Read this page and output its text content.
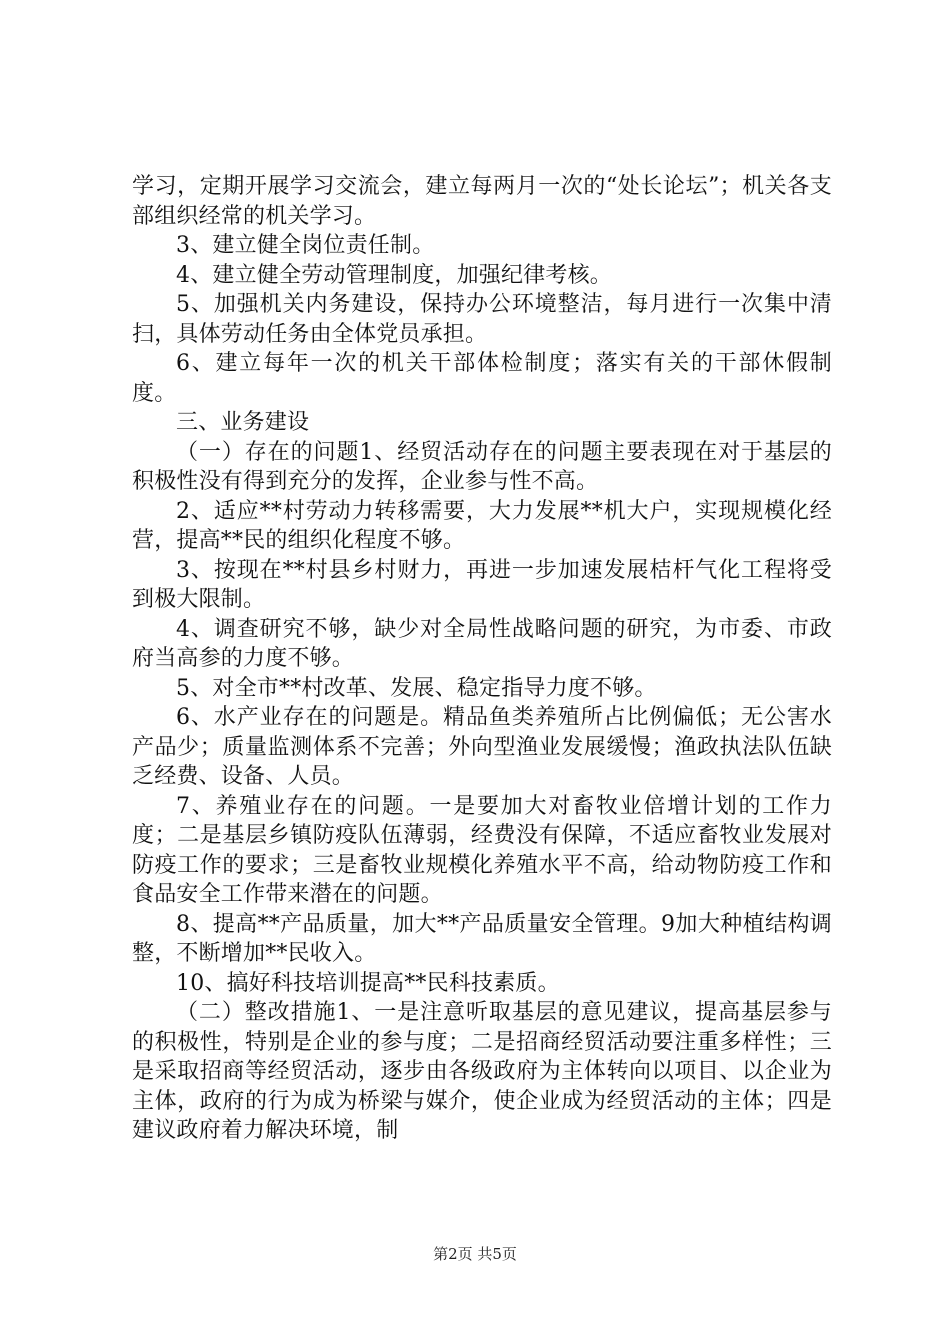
学习，定期开展学习交流会，建立每两月一次的“处长论坛”；机关各支部组织经常的机关学习。

3、建立健全岗位责任制。

4、建立健全劳动管理制度，加强纪律考核。

5、加强机关内务建设，保持办公环境整洁，每月进行一次集中清扫，具体劳动任务由全体党员承担。

6、建立每年一次的机关干部体检制度；落实有关的干部休假制度。

三、业务建设

（一）存在的问题1、经贸活动存在的问题主要表现在对于基层的积极性没有得到充分的发挥，企业参与性不高。

2、适应**村劳动力转移需要，大力发展**机大户，实现规模化经营，提高**民的组织化程度不够。

3、按现在**村县乡村财力，再进一步加速发展桔杆气化工程将受到极大限制。

4、调查研究不够，缺少对全局性战略问题的研究，为市委、市政府当高参的力度不够。

5、对全市**村改革、发展、稳定指导力度不够。

6、水产业存在的问题是。精品鱼类养殖所占比例偏低；无公害水产品少；质量监测体系不完善；外向型渔业发展缓慢；渔政执法队伍缺乏经费、设备、人员。

7、养殖业存在的问题。一是要加大对畜牧业倍增计划的工作力度；二是基层乡镇防疫队伍薄弱，经费没有保障，不适应畜牧业发展对防疫工作的要求；三是畜牧业规模化养殖水平不高，给动物防疫工作和食品安全工作带来潜在的问题。

8、提高**产品质量，加大**产品质量安全管理。9加大种植结构调整，不断增加**民收入。

10、搞好科技培训提高**民科技素质。

（二）整改措施1、一是注意听取基层的意见建议，提高基层参与的积极性，特别是企业的参与度；二是招商经贸活动要注重多样性；三是采取招商等经贸活动，逐步由各级政府为主体转向以项目、以企业为主体，政府的行为成为桥梁与媒介，使企业成为经贸活动的主体；四是建议政府着力解决环境，制

第2页 共5页
